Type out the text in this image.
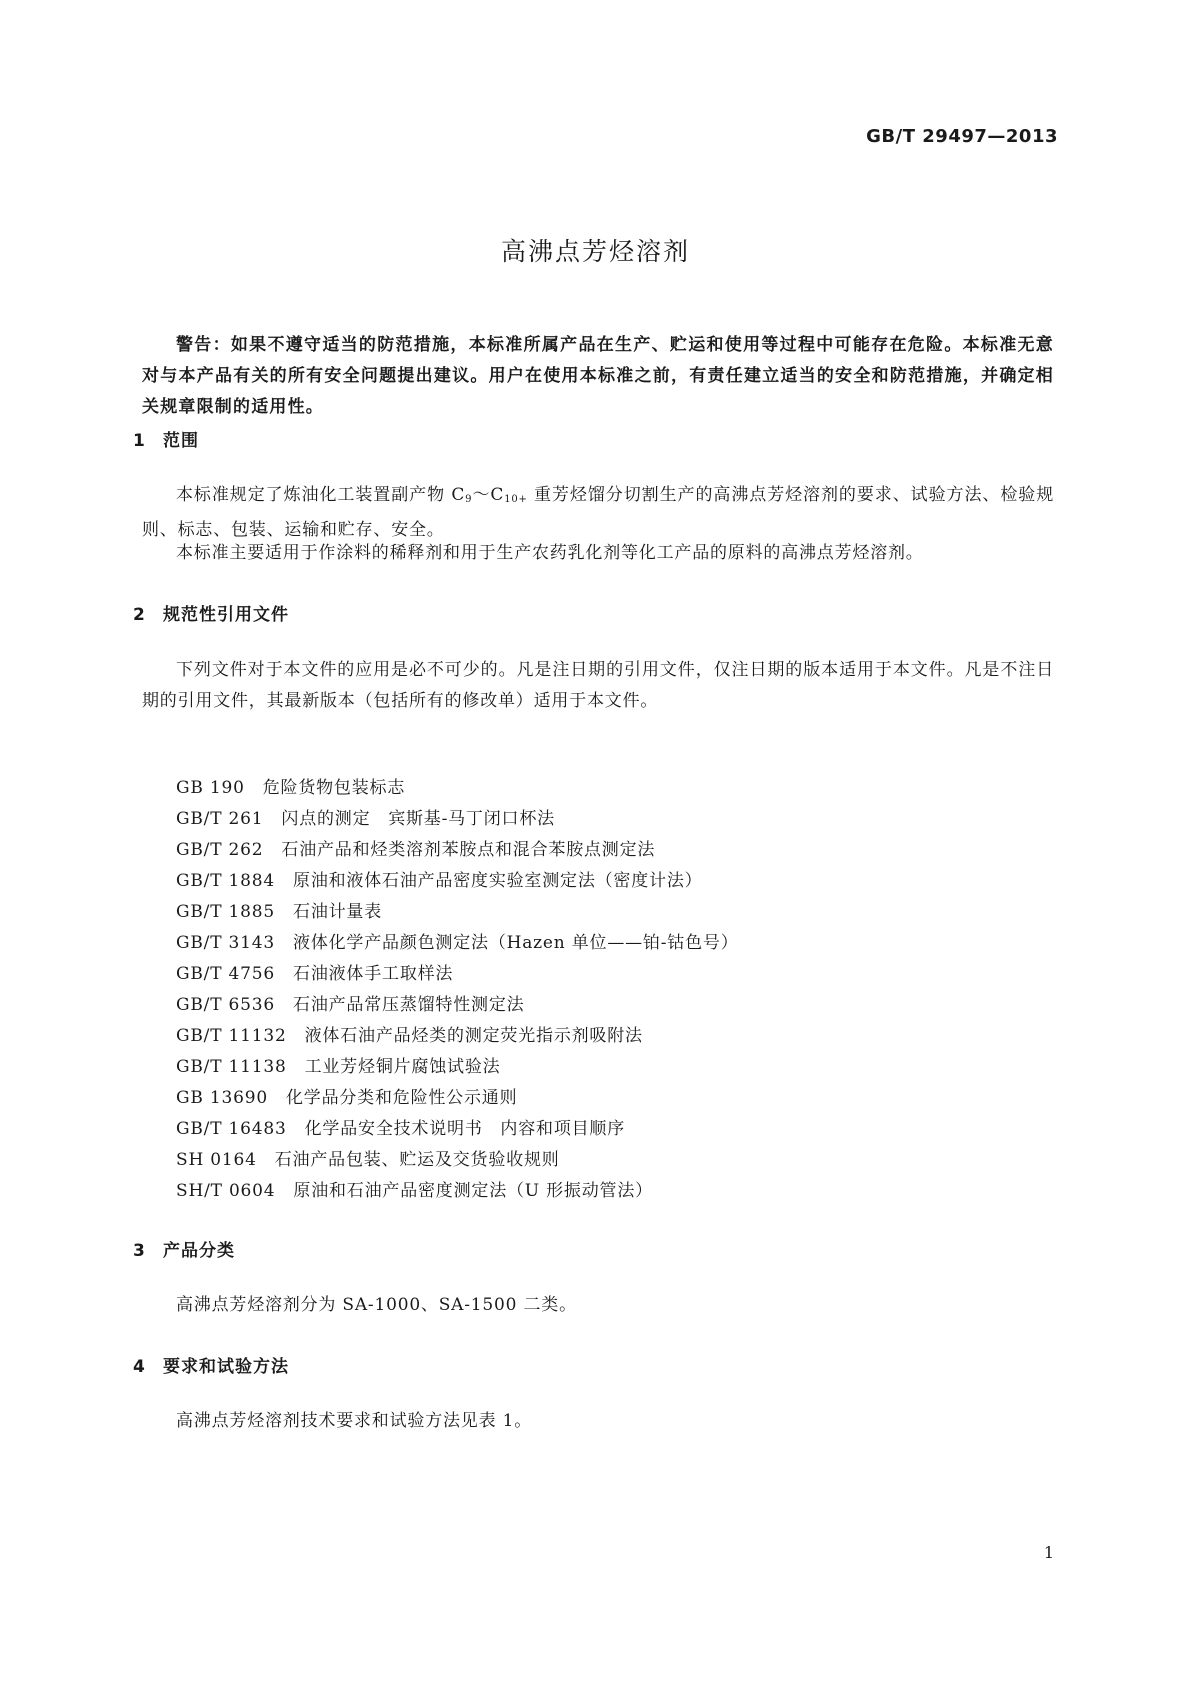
GB/T 29497—2013
高沸点芳烃溶剂

警告：如果不遵守适当的防范措施，本标准所属产品在生产、贮运和使用等过程中可能存在危险。本标准无意对与本产品有关的所有安全问题提出建议。用户在使用本标准之前，有责任建立适当的安全和防范措施，并确定相关规章限制的适用性。

1 范围

本标准规定了炼油化工装置副产物 $C_9\sim C_{10+}$ 重芳烃馏分切割生产的高沸点芳烃溶剂的要求、试验方法、检验规则、标志、包装、运输和贮存、安全。

本标准主要适用于作涂料的稀释剂和用于生产农药乳化剂等化工产品的原料的高沸点芳烃溶剂。

2 规范性引用文件

下列文件对于本文件的应用是必不可少的。凡是注日期的引用文件，仅注日期的版本适用于本文件。凡是不注日期的引用文件，其最新版本（包括所有的修改单）适用于本文件。

GB 190 危险货物包装标志
GB/T 261 闪点的测定　宾斯基-马丁闭口杯法
GB/T 262 石油产品和烃类溶剂苯胺点和混合苯胺点测定法
GB/T 1884 原油和液体石油产品密度实验室测定法（密度计法）
GB/T 1885 石油计量表
GB/T 3143 液体化学产品颜色测定法（Hazen 单位——铂-钴色号）
GB/T 4756 石油液体手工取样法
GB/T 6536 石油产品常压蒸馏特性测定法
GB/T 11132 液体石油产品烃类的测定荧光指示剂吸附法
GB/T 11138 工业芳烃铜片腐蚀试验法
GB 13690 化学品分类和危险性公示通则
GB/T 16483 化学品安全技术说明书　内容和项目顺序
SH 0164 石油产品包装、贮运及交货验收规则
SH/T 0604 原油和石油产品密度测定法（U 形振动管法）
3 产品分类

高沸点芳烃溶剂分为 SA-1000、SA-1500 二类。

4 要求和试验方法

高沸点芳烃溶剂技术要求和试验方法见表 1。

1
